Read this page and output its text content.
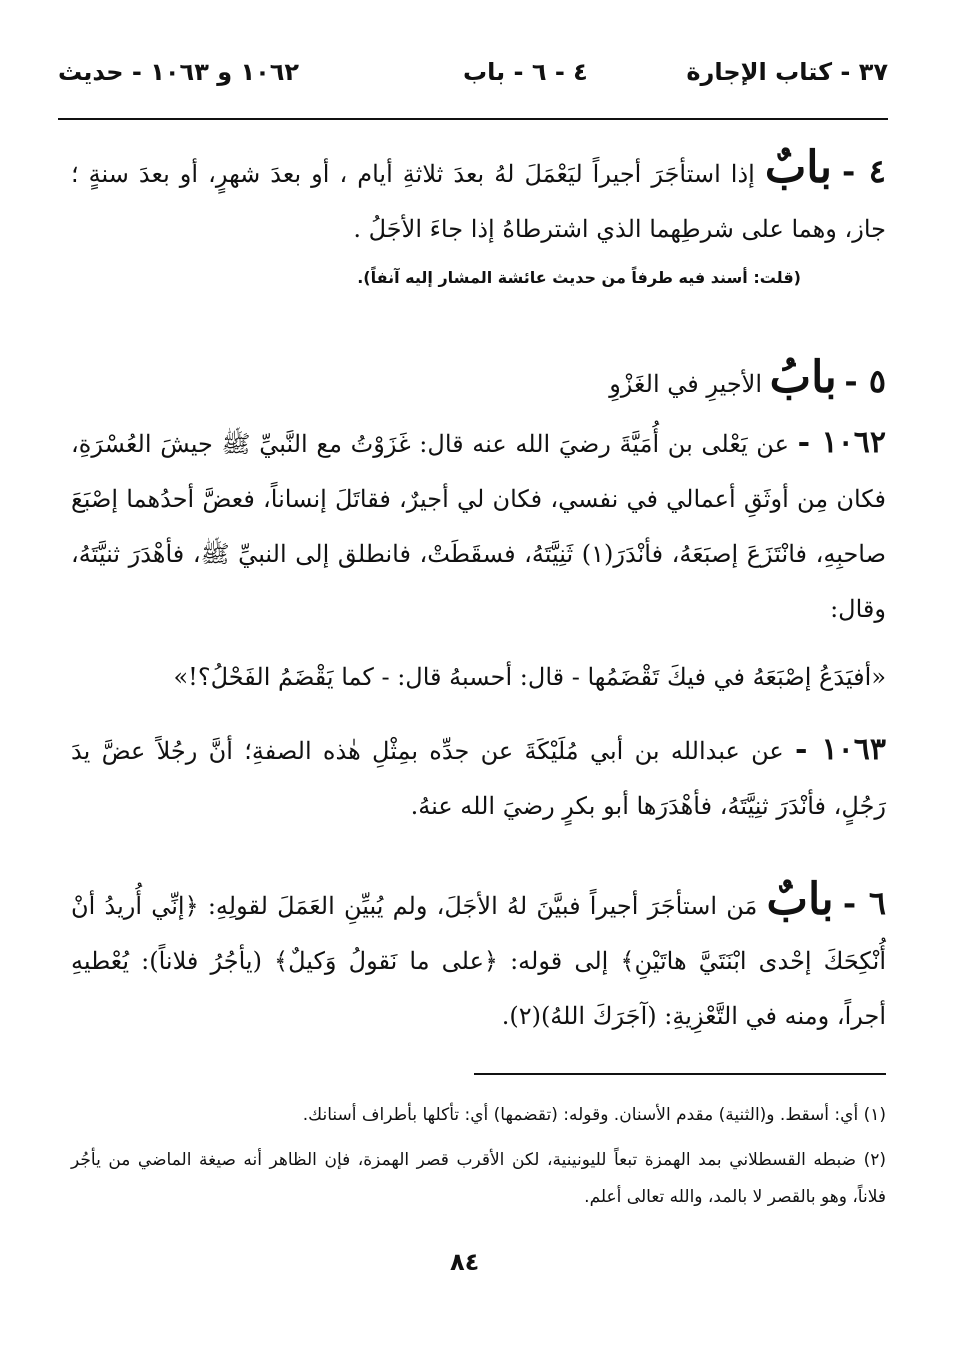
٣٧ - كتاب الإجارة
٤ - ٦ - باب
١٠٦٢ و ١٠٦٣ - حديث

٤ - بابٌ إذا استأجَرَ أجيراً ليَعْمَلَ لهُ بعدَ ثلاثةِ أيام ، أو بعدَ شهرٍ، أو بعدَ سنةٍ ؛ جاز، وهما على شرطِهما الذي اشترطاهُ إذا جاءَ الأجَلُ .

(قلت: أسند فيه طرفاً من حديث عائشة المشار إليه آنفاً).

٥ - بابُ الأجيرِ في الغَزْوِ

١٠٦٢ - عن يَعْلى بن أُمَيَّةَ رضيَ الله عنه قال: غَزَوْتُ مع النَّبيِّ ﷺ جيشَ العُسْرَةِ، فكان مِن أوثَقِ أعمالي في نفسي، فكان لي أجيرٌ، فقاتَلَ إنساناً، فعضَّ أحدُهما إصْبَعَ صاحبِهِ، فانْتَزَعَ إصبَعَهُ، فأنْدَرَ(١) ثَنِيَّتَهُ، فسقَطَتْ، فانطلق إلى النبيِّ ﷺ، فأهْدَرَ ثنيَّتَهُ، وقال:

«أفيَدَعُ إصْبَعَهُ في فيكَ تَقْضَمُها - قال: أحسبهُ قال: - كما يَقْضَمُ الفَحْلُ؟!»

١٠٦٣ - عن عبدالله بن أبي مُلَيْكَةَ عن جدِّه بمِثْلِ هٰذه الصفةِ؛ أنَّ رجُلاً عضَّ يدَ رَجُلٍ، فأنْدَرَ ثنِيَّتَهُ، فأهْدَرَها أبو بكرٍ رضيَ الله عنهُ.

٦ - بابٌ مَن استأجَرَ أجيراً فبيَّنَ لهُ الأجَلَ، ولم يُبيِّنِ العَمَلَ لقولِهِ: ﴿إنِّي أُريدُ أنْ أُنْكِحَكَ إحْدى ابْنَتَيَّ هاتَيْنِ﴾ إلى قوله: ﴿على ما نَقولُ وَكيلٌ﴾ (يأجُرُ فلاناً): يُعْطيهِ أجراً، ومنه في التَّعْزِيةِ: (آجَرَكَ اللهُ)(٢).

(١) أي: أسقط. و(الثنية) مقدم الأسنان. وقوله: (تقضمها) أي: تأكلها بأطراف أسنانك.

(٢) ضبطه القسطلاني بمد الهمزة تبعاً لليونينية، لكن الأقرب قصر الهمزة، فإن الظاهر أنه صيغة الماضي من يأجُر فلاناً، وهو بالقصر لا بالمد، والله تعالى أعلم.

٨٤
